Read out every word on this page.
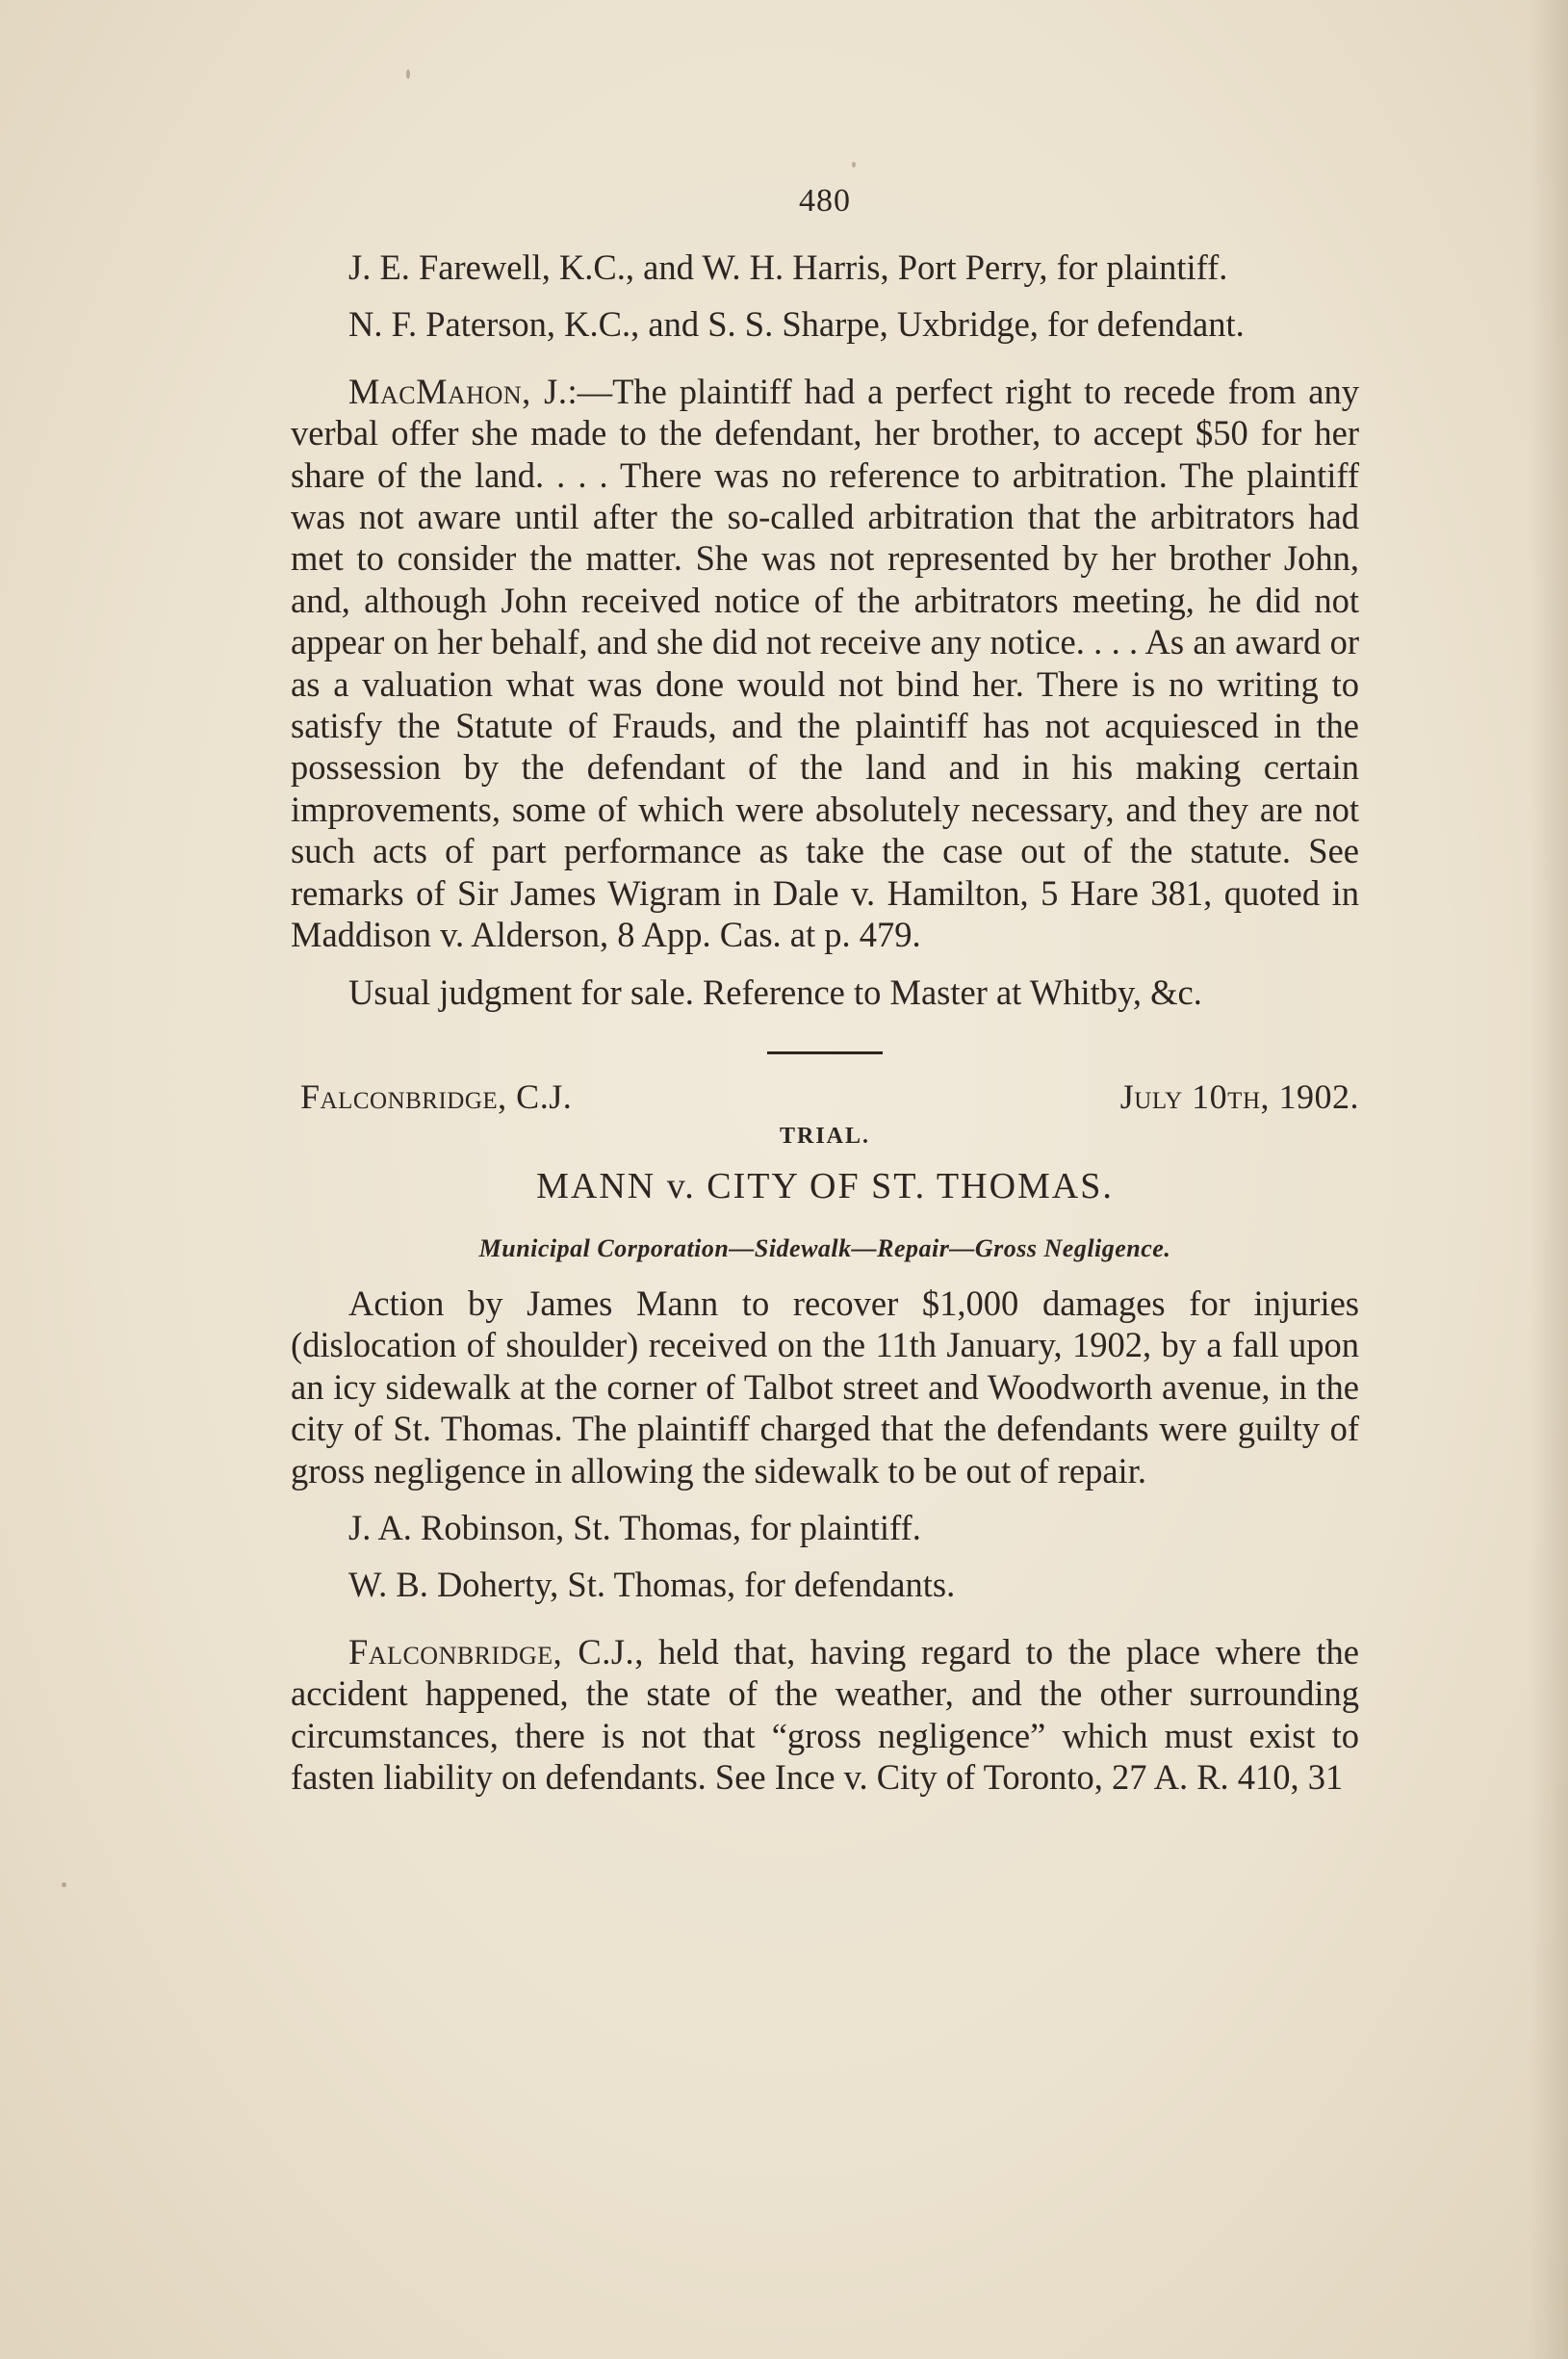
480

J. E. Farewell, K.C., and W. H. Harris, Port Perry, for plaintiff.

N. F. Paterson, K.C., and S. S. Sharpe, Uxbridge, for defendant.

MacMahon, J.:—The plaintiff had a perfect right to recede from any verbal offer she made to the defendant, her brother, to accept $50 for her share of the land. . . . There was no reference to arbitration. The plaintiff was not aware until after the so-called arbitration that the arbitrators had met to consider the matter. She was not represented by her brother John, and, although John received notice of the arbitrators meeting, he did not appear on her behalf, and she did not receive any notice. . . . As an award or as a valuation what was done would not bind her. There is no writing to satisfy the Statute of Frauds, and the plaintiff has not acquiesced in the possession by the defendant of the land and in his making certain improvements, some of which were absolutely necessary, and they are not such acts of part performance as take the case out of the statute. See remarks of Sir James Wigram in Dale v. Hamilton, 5 Hare 381, quoted in Maddison v. Alderson, 8 App. Cas. at p. 479.

Usual judgment for sale. Reference to Master at Whitby, &c.

Falconbridge, C.J.	July 10th, 1902.
TRIAL.
MANN v. CITY OF ST. THOMAS.
Municipal Corporation—Sidewalk—Repair—Gross Negligence.

Action by James Mann to recover $1,000 damages for injuries (dislocation of shoulder) received on the 11th January, 1902, by a fall upon an icy sidewalk at the corner of Talbot street and Woodworth avenue, in the city of St. Thomas. The plaintiff charged that the defendants were guilty of gross negligence in allowing the sidewalk to be out of repair.

J. A. Robinson, St. Thomas, for plaintiff.

W. B. Doherty, St. Thomas, for defendants.

Falconbridge, C.J., held that, having regard to the place where the accident happened, the state of the weather, and the other surrounding circumstances, there is not that “gross negligence” which must exist to fasten liability on defendants. See Ince v. City of Toronto, 27 A. R. 410, 31
